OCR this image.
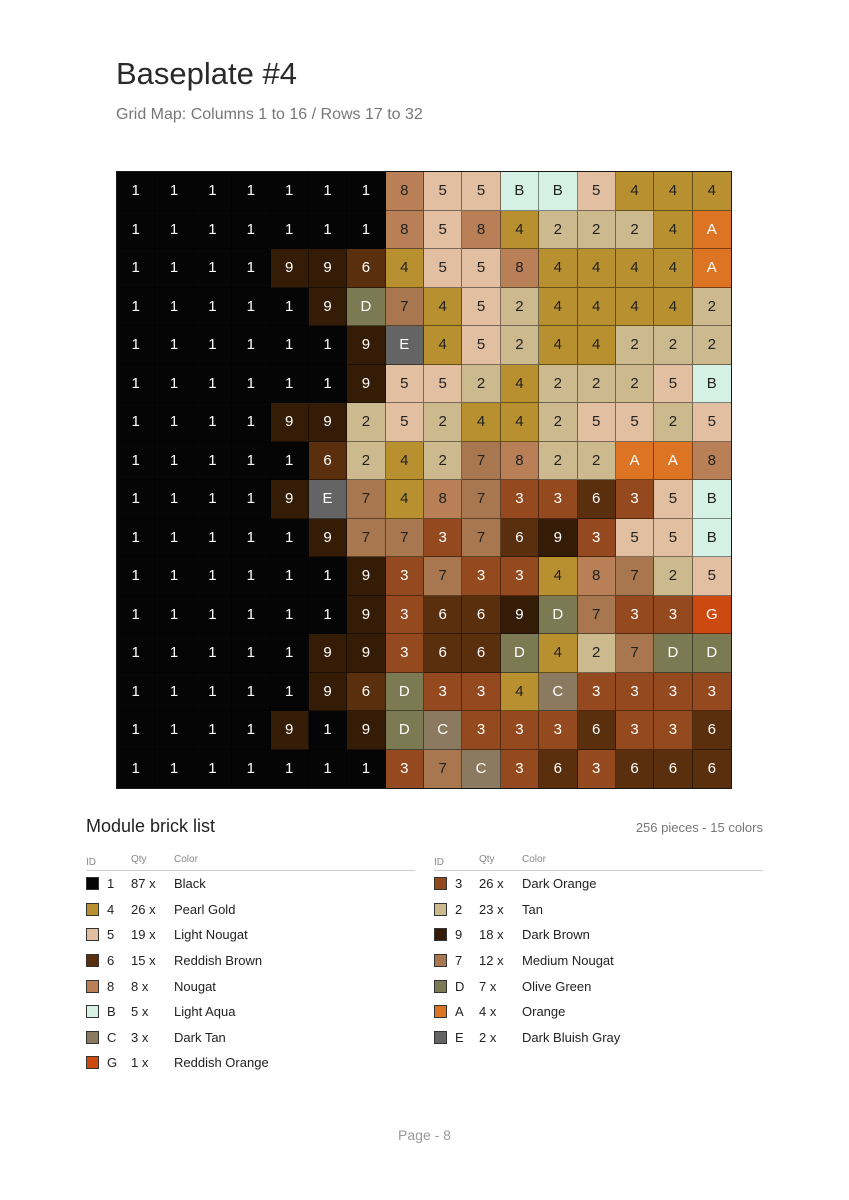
Baseplate #4

Grid Map: Columns 1 to 16 / Rows 17 to 32

1	1	1	1	1	1	1	8	5	5	B	B	5	4	4	4
1	1	1	1	1	1	1	8	5	8	4	2	2	2	4	A
1	1	1	1	9	9	6	4	5	5	8	4	4	4	4	A
1	1	1	1	1	9	D	7	4	5	2	4	4	4	4	2
1	1	1	1	1	1	9	E	4	5	2	4	4	2	2	2
1	1	1	1	1	1	9	5	5	2	4	2	2	2	5	B
1	1	1	1	9	9	2	5	2	4	4	2	5	5	2	5
1	1	1	1	1	6	2	4	2	7	8	2	2	A	A	8
1	1	1	1	9	E	7	4	8	7	3	3	6	3	5	B
1	1	1	1	1	9	7	7	3	7	6	9	3	5	5	B
1	1	1	1	1	1	9	3	7	3	3	4	8	7	2	5
1	1	1	1	1	1	9	3	6	6	9	D	7	3	3	G
1	1	1	1	1	9	9	3	6	6	D	4	2	7	D	D
1	1	1	1	1	9	6	D	3	3	4	C	3	3	3	3
1	1	1	1	9	1	9	D	C	3	3	3	6	3	3	6
1	1	1	1	1	1	1	3	7	C	3	6	3	6	6	6
Module brick list	256 pieces - 15 colors
ID	Qty	Color
1 87 x	Black
4 26 x	Pearl Gold
5 19 x	Light Nougat
6 15 x	Reddish Brown
8 8 x	Nougat
B 5 x	Light Aqua
C 3 x	Dark Tan
G 1 x	Reddish Orange
ID	Qty	Color
3 26 x	Dark Orange
2 23 x	Tan
9 18 x	Dark Brown
7 12 x	Medium Nougat
D 7 x	Olive Green
A 4 x	Orange
E 2 x	Dark Bluish Gray
Page - 8
